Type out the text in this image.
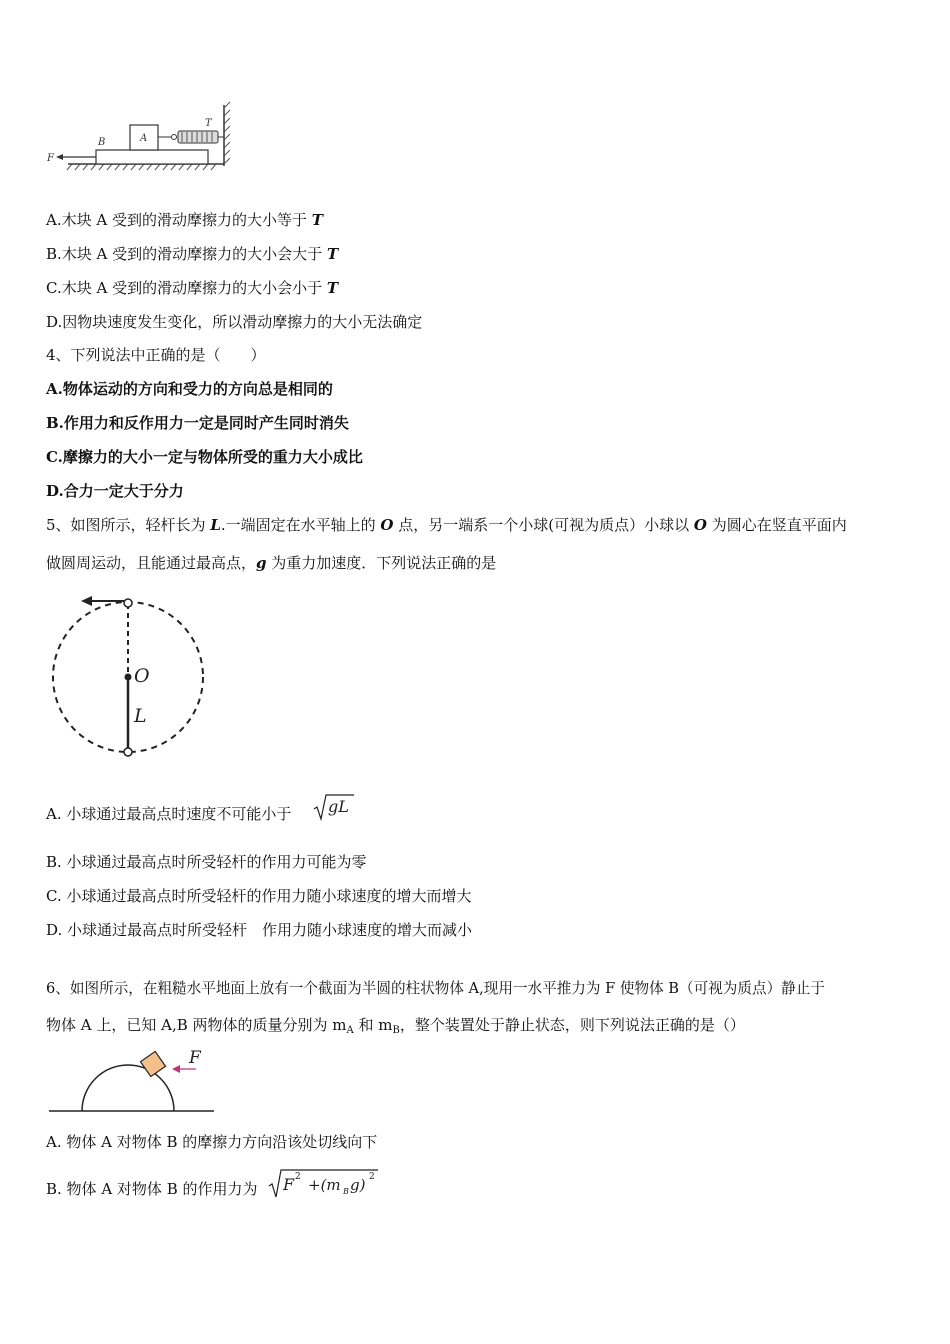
B	A
T
F
A.木块 A 受到的滑动摩擦力的大小等于 T
B.木块 A 受到的滑动摩擦力的大小会大于 T
C.木块 A 受到的滑动摩擦力的大小会小于 T
D.因物块速度发生变化，所以滑动摩擦力的大小无法确定
4、下列说法中正确的是（　　）
A.物体运动的方向和受力的方向总是相同的
B.作用力和反作用力一定是同时产生同时消失
C.摩擦力的大小一定与物体所受的重力大小成比
D.合力一定大于分力
5、如图所示，轻杆长为 L.一端固定在水平轴上的 O 点，另一端系一个小球(可视为质点）小球以 O 为圆心在竖直平面内
做圆周运动，且能通过最高点，g 为重力加速度．下列说法正确的是
O
L
A. 小球通过最高点时速度不可能小于 gL
B. 小球通过最高点时所受轻杆的作用力可能为零
C. 小球通过最高点时所受轻杆的作用力随小球速度的增大而增大
D. 小球通过最高点时所受轻杆　作用力随小球速度的增大而减小
6、如图所示，在粗糙水平地面上放有一个截面为半圆的柱状物体 A,现用一水平推力为 F 使物体 B（可视为质点）静止于
物体 A 上，已知 A,B 两物体的质量分别为 $m_A$ 和 $m_B$，整个装置处于静止状态，则下列说法正确的是（）
F
A. 物体 A 对物体 B 的摩擦力方向沿该处切线向下
B. 物体 A 对物体 B 的作用力为 F 2 +(m B g) 2
